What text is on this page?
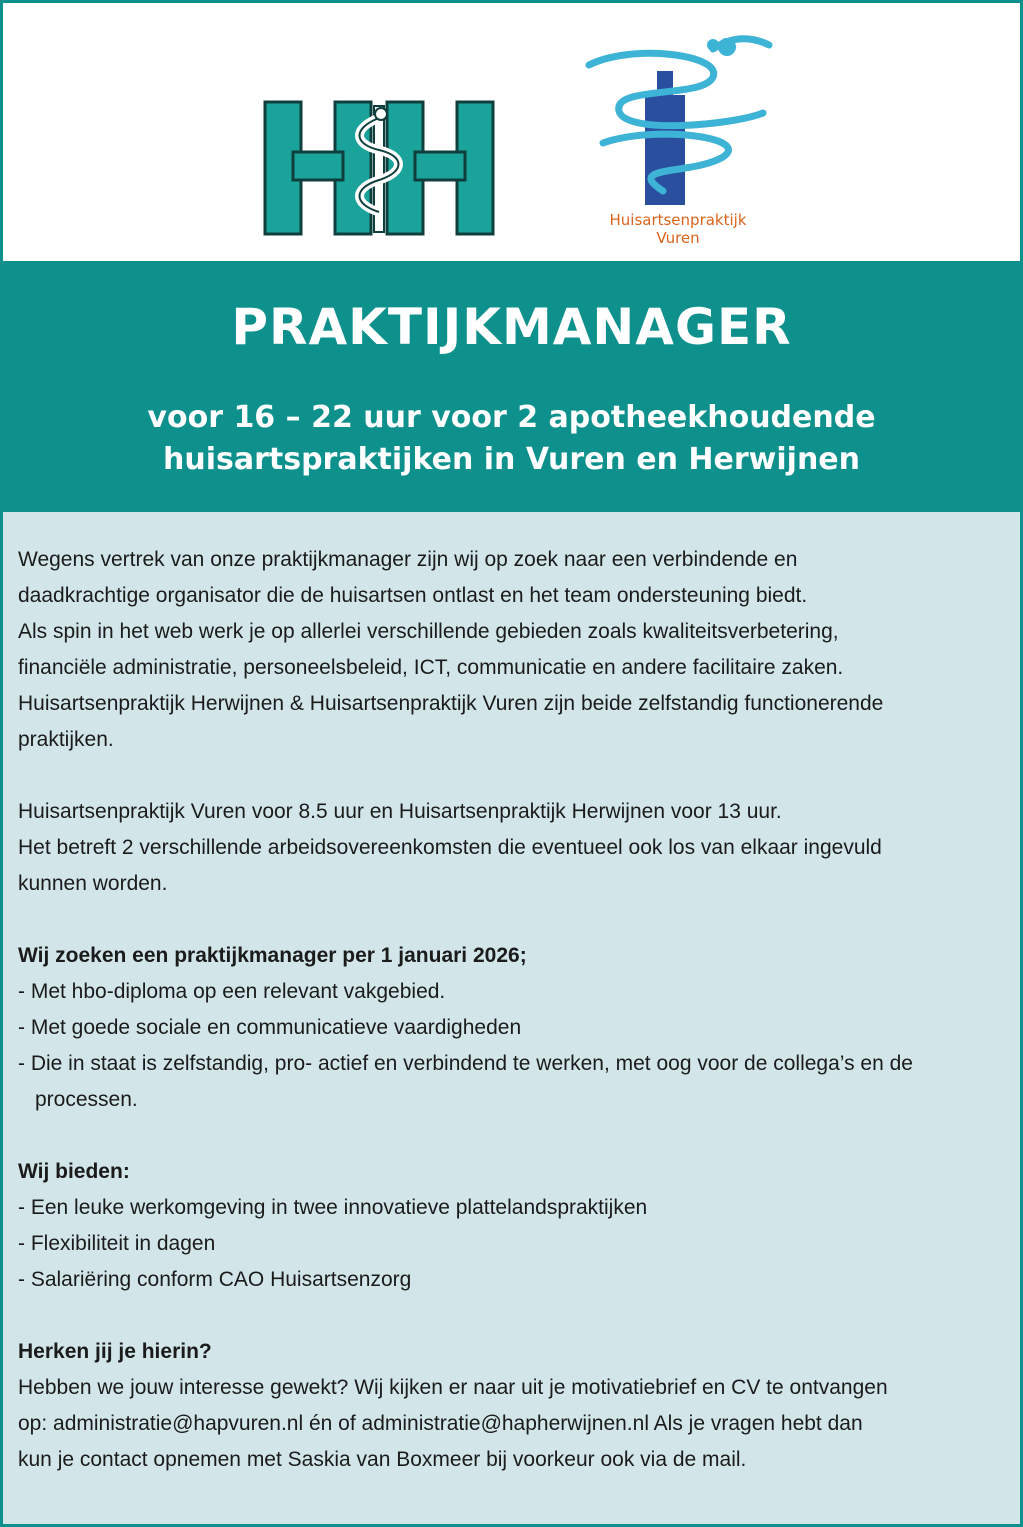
Huisartsenpraktijk
Vuren
PRAKTIJKMANAGER
voor 16 – 22 uur voor 2 apotheekhoudende
huisartspraktijken in Vuren en Herwijnen

Wegens vertrek van onze praktijkmanager zijn wij op zoek naar een verbindende en

daadkrachtige organisator die de huisartsen ontlast en het team ondersteuning biedt.

Als spin in het web werk je op allerlei verschillende gebieden zoals kwaliteitsverbetering,

financiële administratie, personeelsbeleid, ICT, communicatie en andere facilitaire zaken.

Huisartsenpraktijk Herwijnen & Huisartsenpraktijk Vuren zijn beide zelfstandig functionerende

praktijken.

Huisartsenpraktijk Vuren voor 8.5 uur en Huisartsenpraktijk Herwijnen voor 13 uur.

Het betreft 2 verschillende arbeidsovereenkomsten die eventueel ook los van elkaar ingevuld

kunnen worden.

Wij zoeken een praktijkmanager per 1 januari 2026;

- Met hbo-diploma op een relevant vakgebied.

- Met goede sociale en communicatieve vaardigheden

- Die in staat is zelfstandig, pro- actief en verbindend te werken, met oog voor de collega’s en de processen.

Wij bieden:

- Een leuke werkomgeving in twee innovatieve plattelandspraktijken

- Flexibiliteit in dagen

- Salariëring conform CAO Huisartsenzorg

Herken jij je hierin?

Hebben we jouw interesse gewekt? Wij kijken er naar uit je motivatiebrief en CV te ontvangen

op: administratie@hapvuren.nl én of administratie@hapherwijnen.nl Als je vragen hebt dan

kun je contact opnemen met Saskia van Boxmeer bij voorkeur ook via de mail.
